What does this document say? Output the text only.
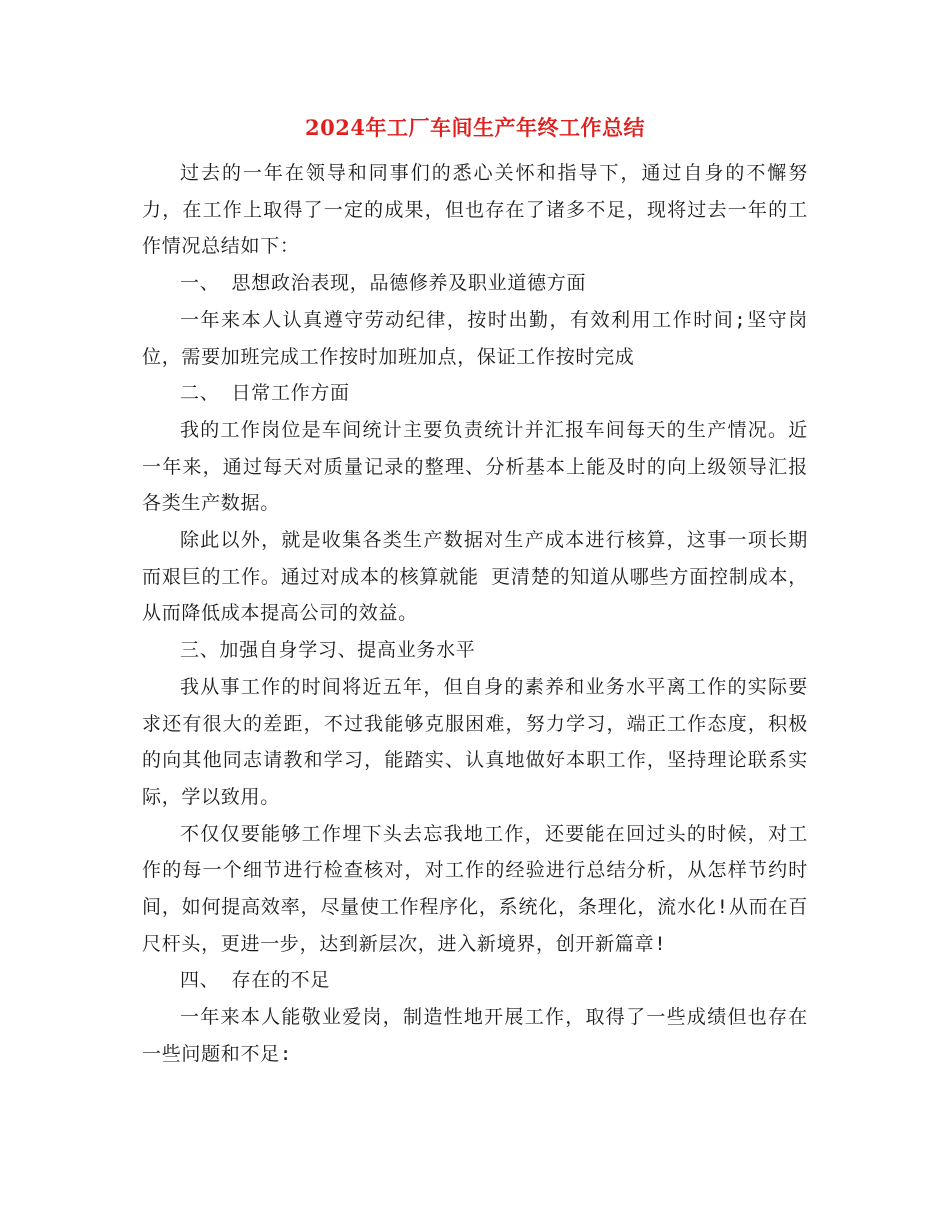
2024年工厂车间生产年终工作总结

过去的一年在领导和同事们的悉心关怀和指导下，通过自身的不懈努力，在工作上取得了一定的成果，但也存在了诸多不足，现将过去一年的工作情况总结如下：

一、 思想政治表现，品德修养及职业道德方面

一年来本人认真遵守劳动纪律，按时出勤，有效利用工作时间;坚守岗位，需要加班完成工作按时加班加点，保证工作按时完成

二、 日常工作方面

我的工作岗位是车间统计主要负责统计并汇报车间每天的生产情况。近一年来，通过每天对质量记录的整理、分析基本上能及时的向上级领导汇报各类生产数据。

除此以外，就是收集各类生产数据对生产成本进行核算，这事一项长期而艰巨的工作。通过对成本的核算就能 更清楚的知道从哪些方面控制成本，从而降低成本提高公司的效益。

三、加强自身学习、提高业务水平

我从事工作的时间将近五年，但自身的素养和业务水平离工作的实际要求还有很大的差距，不过我能够克服困难，努力学习，端正工作态度，积极的向其他同志请教和学习，能踏实、认真地做好本职工作，坚持理论联系实际，学以致用。

不仅仅要能够工作埋下头去忘我地工作，还要能在回过头的时候，对工作的每一个细节进行检查核对，对工作的经验进行总结分析，从怎样节约时间，如何提高效率，尽量使工作程序化，系统化，条理化，流水化!从而在百尺杆头，更进一步，达到新层次，进入新境界，创开新篇章!

四、 存在的不足

一年来本人能敬业爱岗，制造性地开展工作，取得了一些成绩但也存在一些问题和不足:
